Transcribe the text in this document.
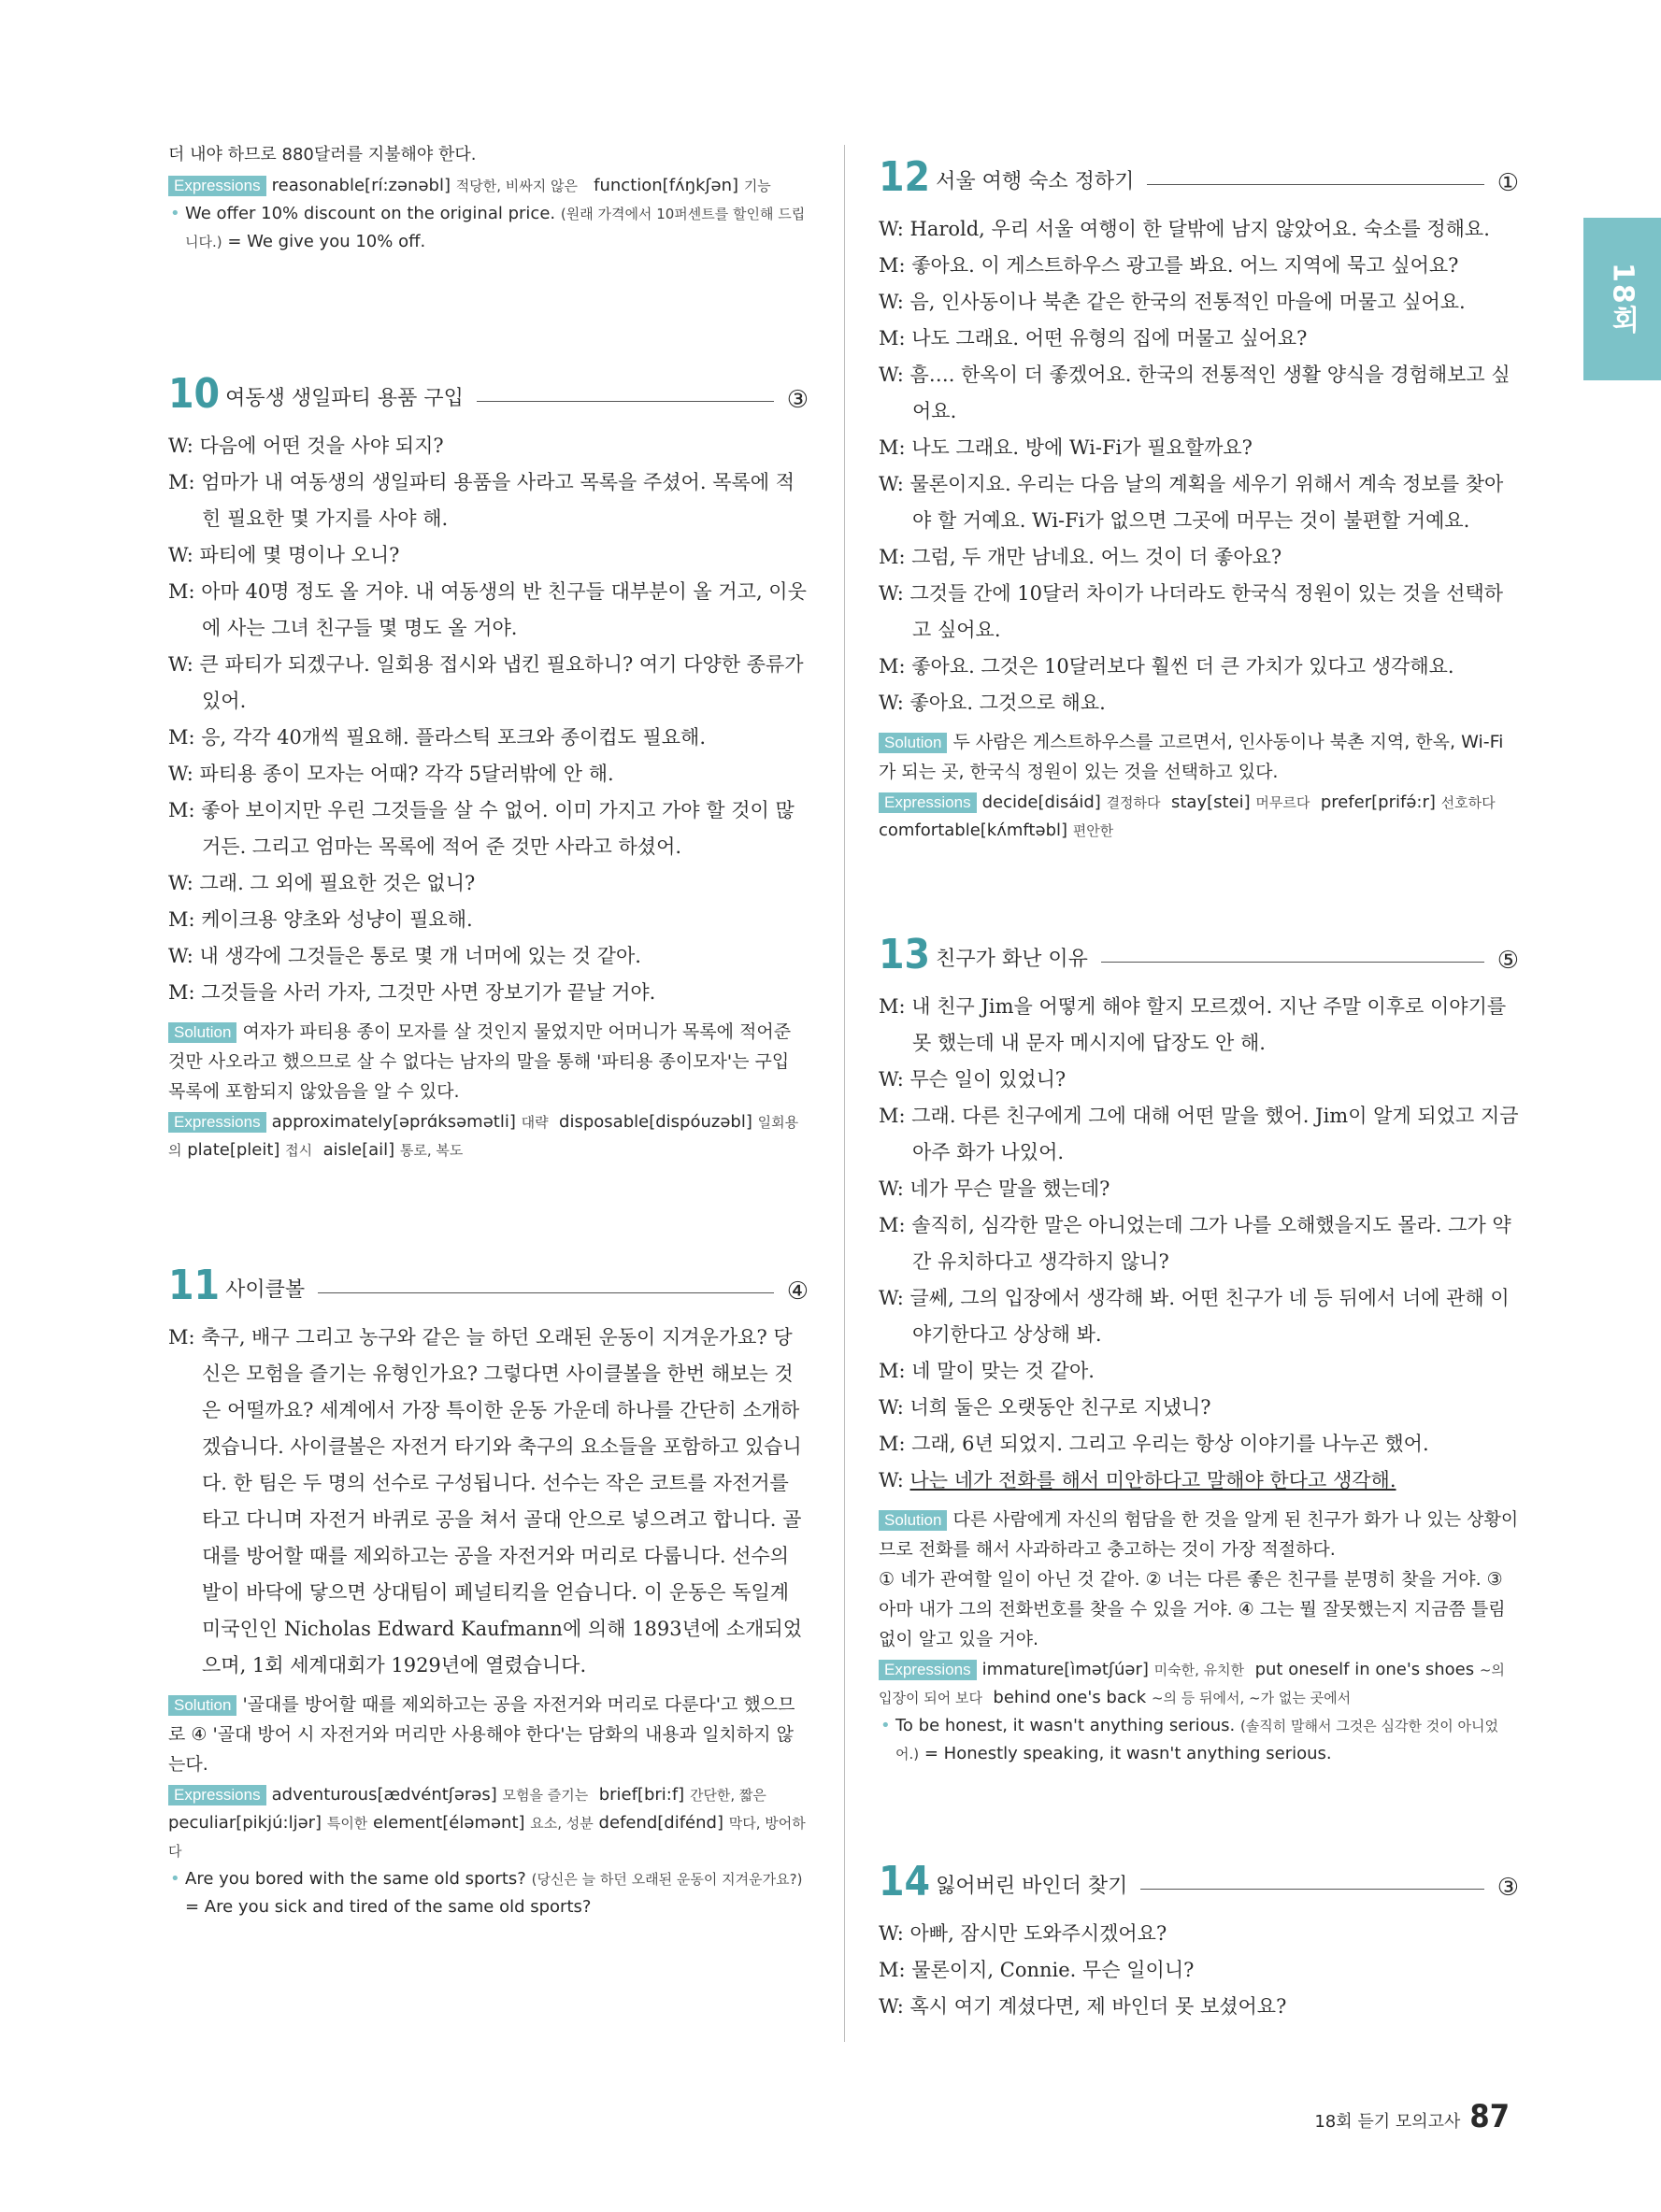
18회

더 내야 하므로 880달러를 지불해야 한다.

Expressions reasonable[rí:zənəbl] 적당한, 비싸지 않은 function[fʌ́ŋkʃən] 기능

• We offer 10% discount on the original price. (원래 가격에서 10퍼센트를 할인해 드립니다.) = We give you 10% off.

10 여동생 생일파티 용품 구입	③

W: 다음에 어떤 것을 사야 되지?

M: 엄마가 내 여동생의 생일파티 용품을 사라고 목록을 주셨어. 목록에 적힌 필요한 몇 가지를 사야 해.

W: 파티에 몇 명이나 오니?

M: 아마 40명 정도 올 거야. 내 여동생의 반 친구들 대부분이 올 거고, 이웃에 사는 그녀 친구들 몇 명도 올 거야.

W: 큰 파티가 되겠구나. 일회용 접시와 냅킨 필요하니? 여기 다양한 종류가 있어.

M: 응, 각각 40개씩 필요해. 플라스틱 포크와 종이컵도 필요해.

W: 파티용 종이 모자는 어때? 각각 5달러밖에 안 해.

M: 좋아 보이지만 우린 그것들을 살 수 없어. 이미 가지고 가야 할 것이 많거든. 그리고 엄마는 목록에 적어 준 것만 사라고 하셨어.

W: 그래. 그 외에 필요한 것은 없니?

M: 케이크용 양초와 성냥이 필요해.

W: 내 생각에 그것들은 통로 몇 개 너머에 있는 것 같아.

M: 그것들을 사러 가자, 그것만 사면 장보기가 끝날 거야.

Solution 여자가 파티용 종이 모자를 살 것인지 물었지만 어머니가 목록에 적어준 것만 사오라고 했으므로 살 수 없다는 남자의 말을 통해 '파티용 종이모자'는 구입 목록에 포함되지 않았음을 알 수 있다.

Expressions approximately[əprɑ́ksəmətli] 대략 disposable[dispóuzəbl] 일회용의 plate[pleit] 접시 aisle[ail] 통로, 복도

11 사이클볼	④

M: 축구, 배구 그리고 농구와 같은 늘 하던 오래된 운동이 지겨운가요? 당신은 모험을 즐기는 유형인가요? 그렇다면 사이클볼을 한번 해보는 것은 어떨까요? 세계에서 가장 특이한 운동 가운데 하나를 간단히 소개하겠습니다. 사이클볼은 자전거 타기와 축구의 요소들을 포함하고 있습니다. 한 팀은 두 명의 선수로 구성됩니다. 선수는 작은 코트를 자전거를 타고 다니며 자전거 바퀴로 공을 쳐서 골대 안으로 넣으려고 합니다. 골대를 방어할 때를 제외하고는 공을 자전거와 머리로 다룹니다. 선수의 발이 바닥에 닿으면 상대팀이 페널티킥을 얻습니다. 이 운동은 독일계 미국인인 Nicholas Edward Kaufmann에 의해 1893년에 소개되었으며, 1회 세계대회가 1929년에 열렸습니다.

Solution '골대를 방어할 때를 제외하고는 공을 자전거와 머리로 다룬다'고 했으므로 ④ '골대 방어 시 자전거와 머리만 사용해야 한다'는 담화의 내용과 일치하지 않는다.

Expressions adventurous[ædvéntʃərəs] 모험을 즐기는 brief[bri:f] 간단한, 짧은 peculiar[pikjú:ljər] 특이한 element[éləmənt] 요소, 성분 defend[difénd] 막다, 방어하다

• Are you bored with the same old sports? (당신은 늘 하던 오래된 운동이 지겨운가요?) = Are you sick and tired of the same old sports?

12 서울 여행 숙소 정하기	①

W: Harold, 우리 서울 여행이 한 달밖에 남지 않았어요. 숙소를 정해요.

M: 좋아요. 이 게스트하우스 광고를 봐요. 어느 지역에 묵고 싶어요?

W: 음, 인사동이나 북촌 같은 한국의 전통적인 마을에 머물고 싶어요.

M: 나도 그래요. 어떤 유형의 집에 머물고 싶어요?

W: 흠…. 한옥이 더 좋겠어요. 한국의 전통적인 생활 양식을 경험해보고 싶어요.

M: 나도 그래요. 방에 Wi-Fi가 필요할까요?

W: 물론이지요. 우리는 다음 날의 계획을 세우기 위해서 계속 정보를 찾아야 할 거예요. Wi-Fi가 없으면 그곳에 머무는 것이 불편할 거예요.

M: 그럼, 두 개만 남네요. 어느 것이 더 좋아요?

W: 그것들 간에 10달러 차이가 나더라도 한국식 정원이 있는 것을 선택하고 싶어요.

M: 좋아요. 그것은 10달러보다 훨씬 더 큰 가치가 있다고 생각해요.

W: 좋아요. 그것으로 해요.

Solution 두 사람은 게스트하우스를 고르면서, 인사동이나 북촌 지역, 한옥, Wi-Fi가 되는 곳, 한국식 정원이 있는 것을 선택하고 있다.

Expressions decide[disáid] 결정하다 stay[stei] 머무르다 prefer[prifə́:r] 선호하다 comfortable[kʌ́mftəbl] 편안한

13 친구가 화난 이유	⑤

M: 내 친구 Jim을 어떻게 해야 할지 모르겠어. 지난 주말 이후로 이야기를 못 했는데 내 문자 메시지에 답장도 안 해.

W: 무슨 일이 있었니?

M: 그래. 다른 친구에게 그에 대해 어떤 말을 했어. Jim이 알게 되었고 지금 아주 화가 나있어.

W: 네가 무슨 말을 했는데?

M: 솔직히, 심각한 말은 아니었는데 그가 나를 오해했을지도 몰라. 그가 약간 유치하다고 생각하지 않니?

W: 글쎄, 그의 입장에서 생각해 봐. 어떤 친구가 네 등 뒤에서 너에 관해 이야기한다고 상상해 봐.

M: 네 말이 맞는 것 같아.

W: 너희 둘은 오랫동안 친구로 지냈니?

M: 그래, 6년 되었지. 그리고 우리는 항상 이야기를 나누곤 했어.

W: 나는 네가 전화를 해서 미안하다고 말해야 한다고 생각해.

Solution 다른 사람에게 자신의 험담을 한 것을 알게 된 친구가 화가 나 있는 상황이므로 전화를 해서 사과하라고 충고하는 것이 가장 적절하다.

① 네가 관여할 일이 아닌 것 같아. ② 너는 다른 좋은 친구를 분명히 찾을 거야. ③ 아마 내가 그의 전화번호를 찾을 수 있을 거야. ④ 그는 뭘 잘못했는지 지금쯤 틀림없이 알고 있을 거야.

Expressions immature[ìmətʃúər] 미숙한, 유치한 put oneself in one's shoes ~의 입장이 되어 보다 behind one's back ~의 등 뒤에서, ~가 없는 곳에서

• To be honest, it wasn't anything serious. (솔직히 말해서 그것은 심각한 것이 아니었어.) = Honestly speaking, it wasn't anything serious.

14 잃어버린 바인더 찾기	③

W: 아빠, 잠시만 도와주시겠어요?

M: 물론이지, Connie. 무슨 일이니?

W: 혹시 여기 계셨다면, 제 바인더 못 보셨어요?

18회 듣기 모의고사 87
